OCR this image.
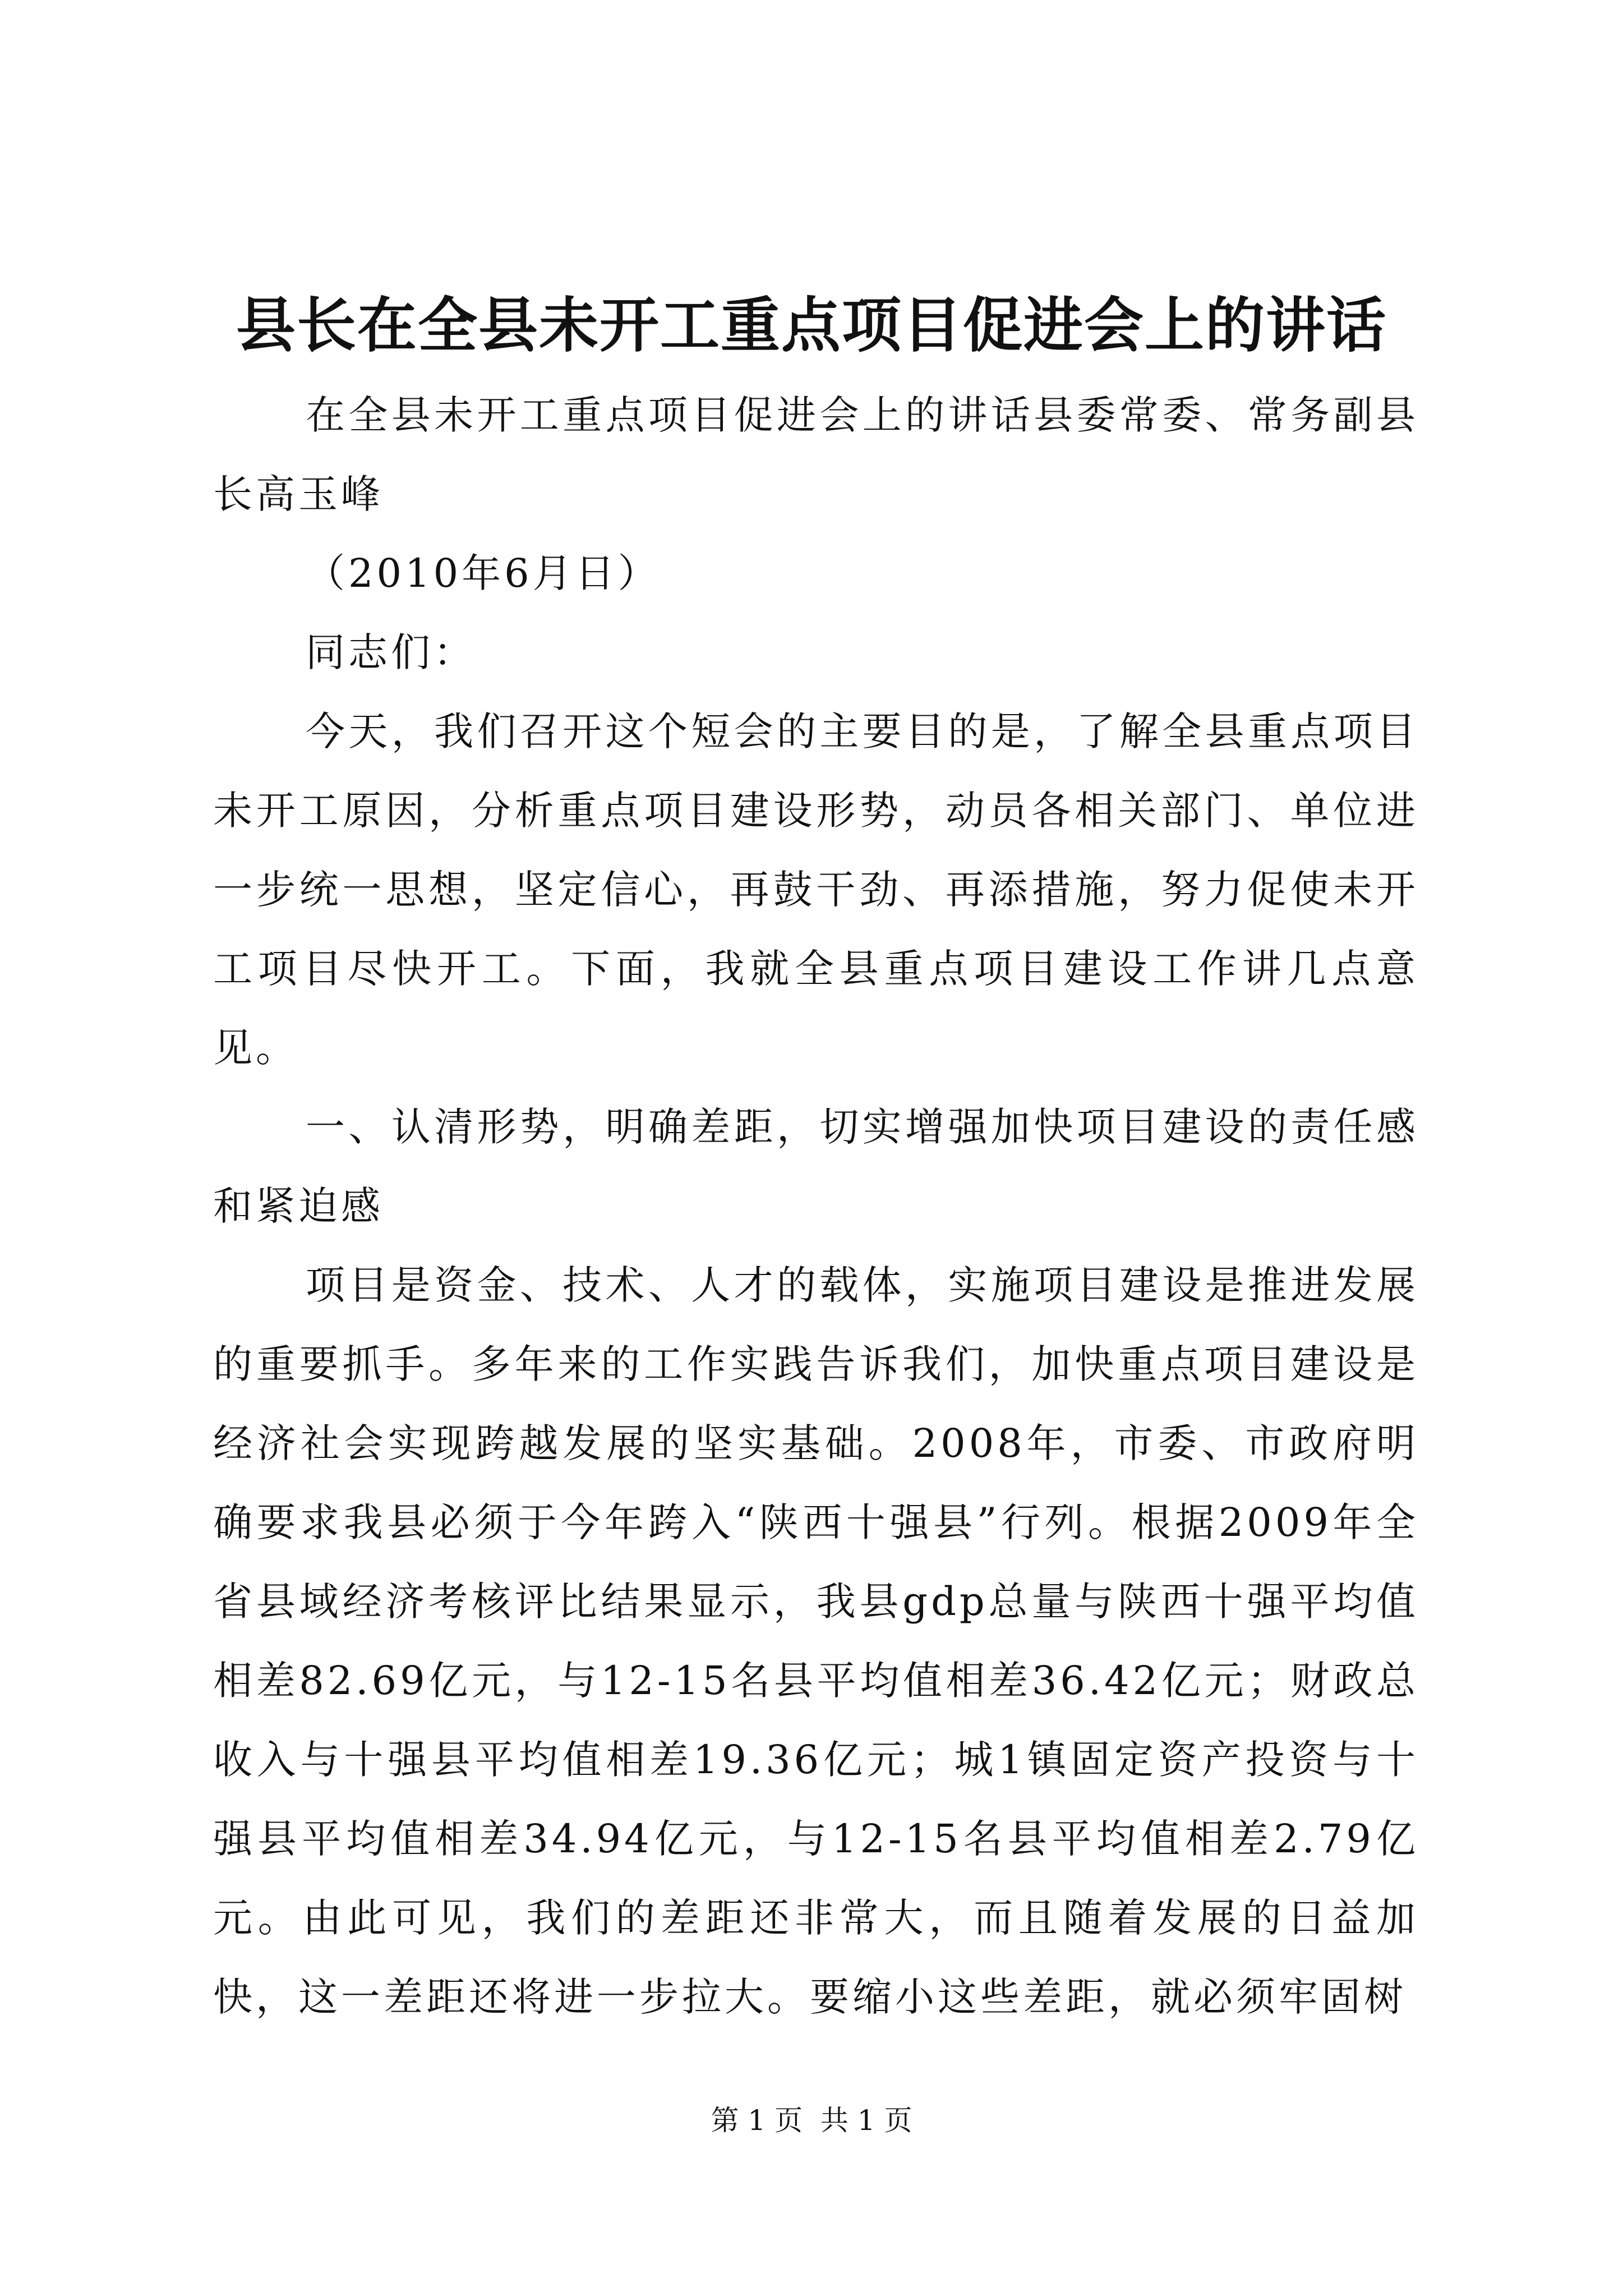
县长在全县未开工重点项目促进会上的讲话

在全县未开工重点项目促进会上的讲话县委常委、常务副县长高玉峰

（2010年6月日）

同志们：

今天，我们召开这个短会的主要目的是，了解全县重点项目未开工原因，分析重点项目建设形势，动员各相关部门、单位进一步统一思想，坚定信心，再鼓干劲、再添措施，努力促使未开工项目尽快开工。下面，我就全县重点项目建设工作讲几点意见。

一、认清形势，明确差距，切实增强加快项目建设的责任感和紧迫感

项目是资金、技术、人才的载体，实施项目建设是推进发展的重要抓手。多年来的工作实践告诉我们，加快重点项目建设是经济社会实现跨越发展的坚实基础。2008年，市委、市政府明确要求我县必须于今年跨入“陕西十强县”行列。根据2009年全省县域经济考核评比结果显示，我县gdp总量与陕西十强平均值相差82.69亿元，与12-15名县平均值相差36.42亿元；财政总收入与十强县平均值相差19.36亿元；城1镇固定资产投资与十强县平均值相差34.94亿元，与12-15名县平均值相差2.79亿元。由此可见，我们的差距还非常大，而且随着发展的日益加快，这一差距还将进一步拉大。要缩小这些差距，就必须牢固树

第 1 页  共 1 页
